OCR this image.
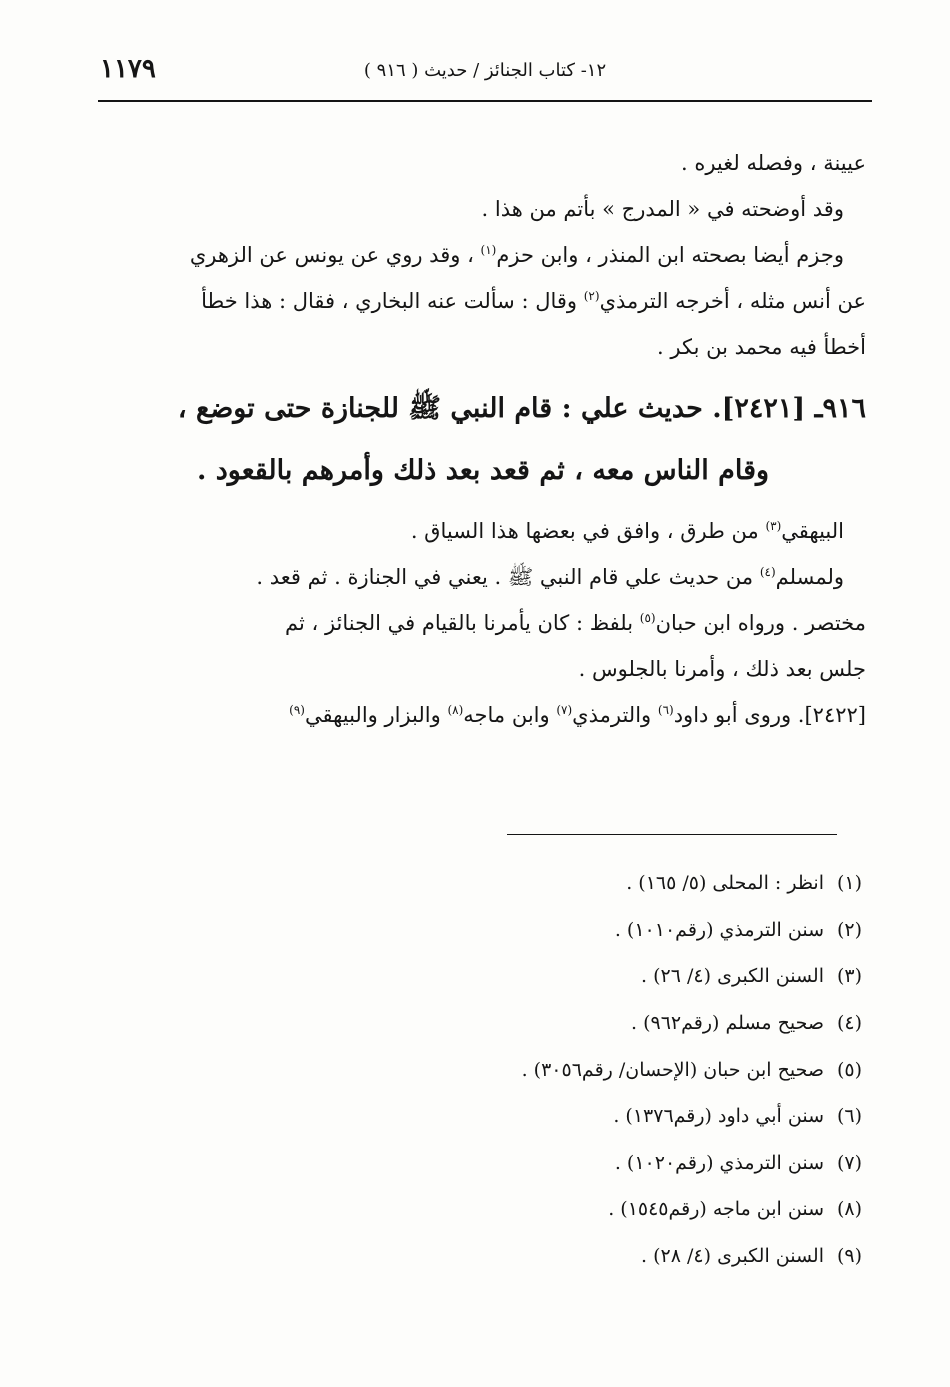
١٢- كتاب الجنائز / حديث ( ٩١٦ )
١١٧٩
عيينة ، وفصله لغيره .
وقد أوضحته في « المدرج » بأتم من هذا .
وجزم أيضا بصحته ابن المنذر ، وابن حزم$^{(١)}$ ، وقد روي عن يونس عن الزهري
عن أنس مثله ، أخرجه الترمذي$^{(٢)}$ وقال : سألت عنه البخاري ، فقال : هذا خطأ
أخطأ فيه محمد بن بكر .
٩١٦ـ [٢٤٢١]. حديث علي : قام النبي ﷺ للجنازة حتى توضع ،
وقام الناس معه ، ثم قعد بعد ذلك وأمرهم بالقعود .
البيهقي$^{(٣)}$ من طرق ، وافق في بعضها هذا السياق .
ولمسلم$^{(٤)}$ من حديث علي قام النبي ﷺ . يعني في الجنازة . ثم قعد .
مختصر . ورواه ابن حبان$^{(٥)}$ بلفظ : كان يأمرنا بالقيام في الجنائز ، ثم
جلس بعد ذلك ، وأمرنا بالجلوس .
[٢٤٢٢]. وروى أبو داود$^{(٦)}$ والترمذي$^{(٧)}$ وابن ماجه$^{(٨)}$ والبزار والبيهقي$^{(٩)}$
(١)
انظر : المحلى (٥/ ١٦٥) .
(٢)
سنن الترمذي (رقم١٠١٠) .
(٣)
السنن الكبرى (٤/ ٢٦) .
(٤)
صحيح مسلم (رقم٩٦٢) .
(٥)
صحيح ابن حبان (الإحسان/ رقم٣٠٥٦) .
(٦)
سنن أبي داود (رقم١٣٧٦) .
(٧)
سنن الترمذي (رقم١٠٢٠) .
(٨)
سنن ابن ماجه (رقم١٥٤٥) .
(٩)
السنن الكبرى (٤/ ٢٨) .
